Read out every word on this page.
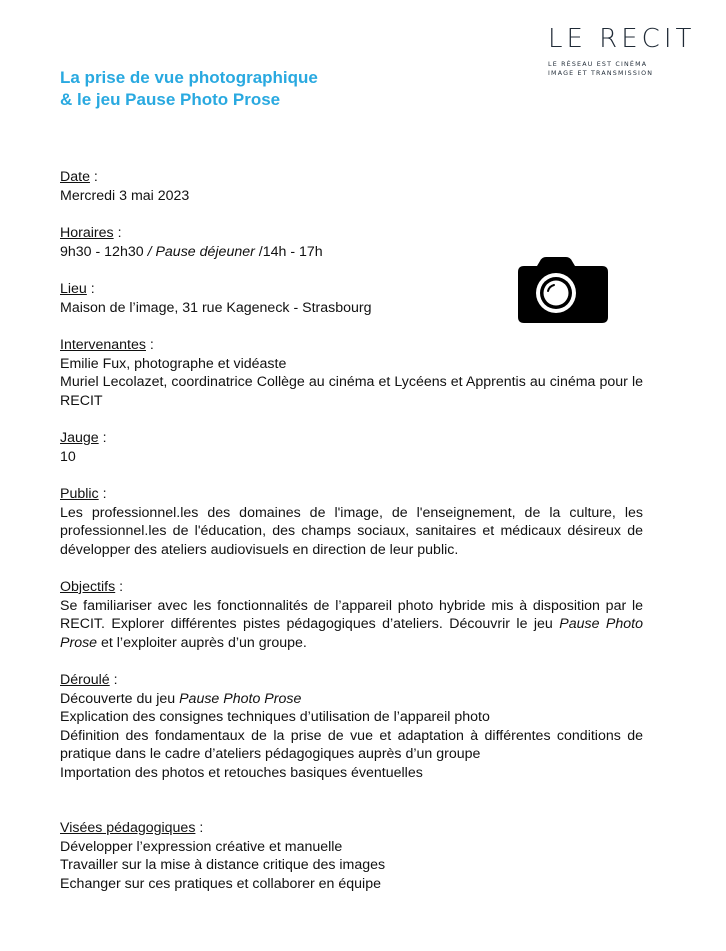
LE RECIT
LE RÉSEAU EST CINÉMA
IMAGE ET TRANSMISSION
La prise de vue photographique
& le jeu Pause Photo Prose
Date :
Mercredi 3 mai 2023
Horaires :
9h30 - 12h30 / Pause déjeuner /14h - 17h
Lieu :
Maison de l’image, 31 rue Kageneck - Strasbourg
Intervenantes :
Emilie Fux, photographe et vidéaste
Muriel Lecolazet, coordinatrice Collège au cinéma et Lycéens et Apprentis au cinéma pour le RECIT
Jauge :
10
Public :
Les professionnel.les des domaines de l'image, de l'enseignement, de la culture, les professionnel.les de l'éducation, des champs sociaux, sanitaires et médicaux désireux de développer des ateliers audiovisuels en direction de leur public.
Objectifs :
Se familiariser avec les fonctionnalités de l’appareil photo hybride mis à disposition par le RECIT. Explorer différentes pistes pédagogiques d’ateliers. Découvrir le jeu Pause Photo Prose et l’exploiter auprès d’un groupe.
Déroulé :
Découverte du jeu Pause Photo Prose
Explication des consignes techniques d’utilisation de l’appareil photo
Définition des fondamentaux de la prise de vue et adaptation à différentes conditions de pratique dans le cadre d’ateliers pédagogiques auprès d’un groupe
Importation des photos et retouches basiques éventuelles
Visées pédagogiques :
Développer l’expression créative et manuelle
Travailler sur la mise à distance critique des images
Echanger sur ces pratiques et collaborer en équipe
